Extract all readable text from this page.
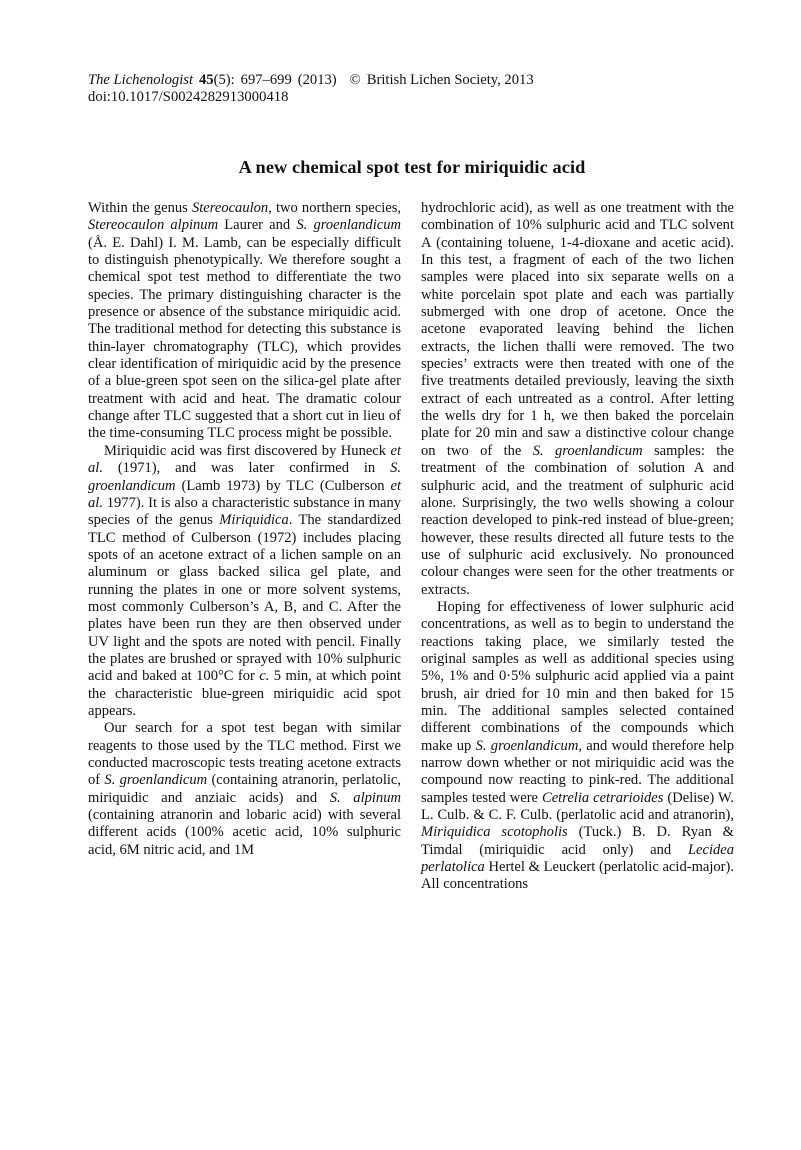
The Lichenologist 45(5): 697–699 (2013) © British Lichen Society, 2013
doi:10.1017/S0024282913000418
A new chemical spot test for miriquidic acid

Within the genus Stereocaulon, two northern species, Stereocaulon alpinum Laurer and S. groenlandicum (Å. E. Dahl) I. M. Lamb, can be especially difficult to distinguish phenotypically. We therefore sought a chemical spot test method to differentiate the two species. The primary distinguishing character is the presence or absence of the substance miriquidic acid. The traditional method for detecting this substance is thin-layer chromatography (TLC), which provides clear identification of miriquidic acid by the presence of a blue-green spot seen on the silica-gel plate after treatment with acid and heat. The dramatic colour change after TLC suggested that a short cut in lieu of the time-consuming TLC process might be possible.

Miriquidic acid was first discovered by Huneck et al. (1971), and was later confirmed in S. groenlandicum (Lamb 1973) by TLC (Culberson et al. 1977). It is also a characteristic substance in many species of the genus Miriquidica. The standardized TLC method of Culberson (1972) includes placing spots of an acetone extract of a lichen sample on an aluminum or glass backed silica gel plate, and running the plates in one or more solvent systems, most commonly Culberson’s A, B, and C. After the plates have been run they are then observed under UV light and the spots are noted with pencil. Finally the plates are brushed or sprayed with 10% sulphuric acid and baked at 100°C for c. 5 min, at which point the characteristic blue-green miriquidic acid spot appears.

Our search for a spot test began with similar reagents to those used by the TLC method. First we conducted macroscopic tests treating acetone extracts of S. groenlandicum (containing atranorin, perlatolic, miriquidic and anziaic acids) and S. alpinum (containing atranorin and lobaric acid) with several different acids (100% acetic acid, 10% sulphuric acid, 6M nitric acid, and 1M

hydrochloric acid), as well as one treatment with the combination of 10% sulphuric acid and TLC solvent A (containing toluene, 1-4-dioxane and acetic acid). In this test, a fragment of each of the two lichen samples were placed into six separate wells on a white porcelain spot plate and each was partially submerged with one drop of acetone. Once the acetone evaporated leaving behind the lichen extracts, the lichen thalli were removed. The two species’ extracts were then treated with one of the five treatments detailed previously, leaving the sixth extract of each untreated as a control. After letting the wells dry for 1 h, we then baked the porcelain plate for 20 min and saw a distinctive colour change on two of the S. groenlandicum samples: the treatment of the combination of solution A and sulphuric acid, and the treatment of sulphuric acid alone. Surprisingly, the two wells showing a colour reaction developed to pink-red instead of blue-green; however, these results directed all future tests to the use of sulphuric acid exclusively. No pronounced colour changes were seen for the other treatments or extracts.

Hoping for effectiveness of lower sulphuric acid concentrations, as well as to begin to understand the reactions taking place, we similarly tested the original samples as well as additional species using 5%, 1% and 0·5% sulphuric acid applied via a paint brush, air dried for 10 min and then baked for 15 min. The additional samples selected contained different combinations of the compounds which make up S. groenlandicum, and would therefore help narrow down whether or not miriquidic acid was the compound now reacting to pink-red. The additional samples tested were Cetrelia cetrarioides (Delise) W. L. Culb. & C. F. Culb. (perlatolic acid and atranorin), Miriquidica scotopholis (Tuck.) B. D. Ryan & Timdal (miriquidic acid only) and Lecidea perlatolica Hertel & Leuckert (perlatolic acid-major). All concentrations
